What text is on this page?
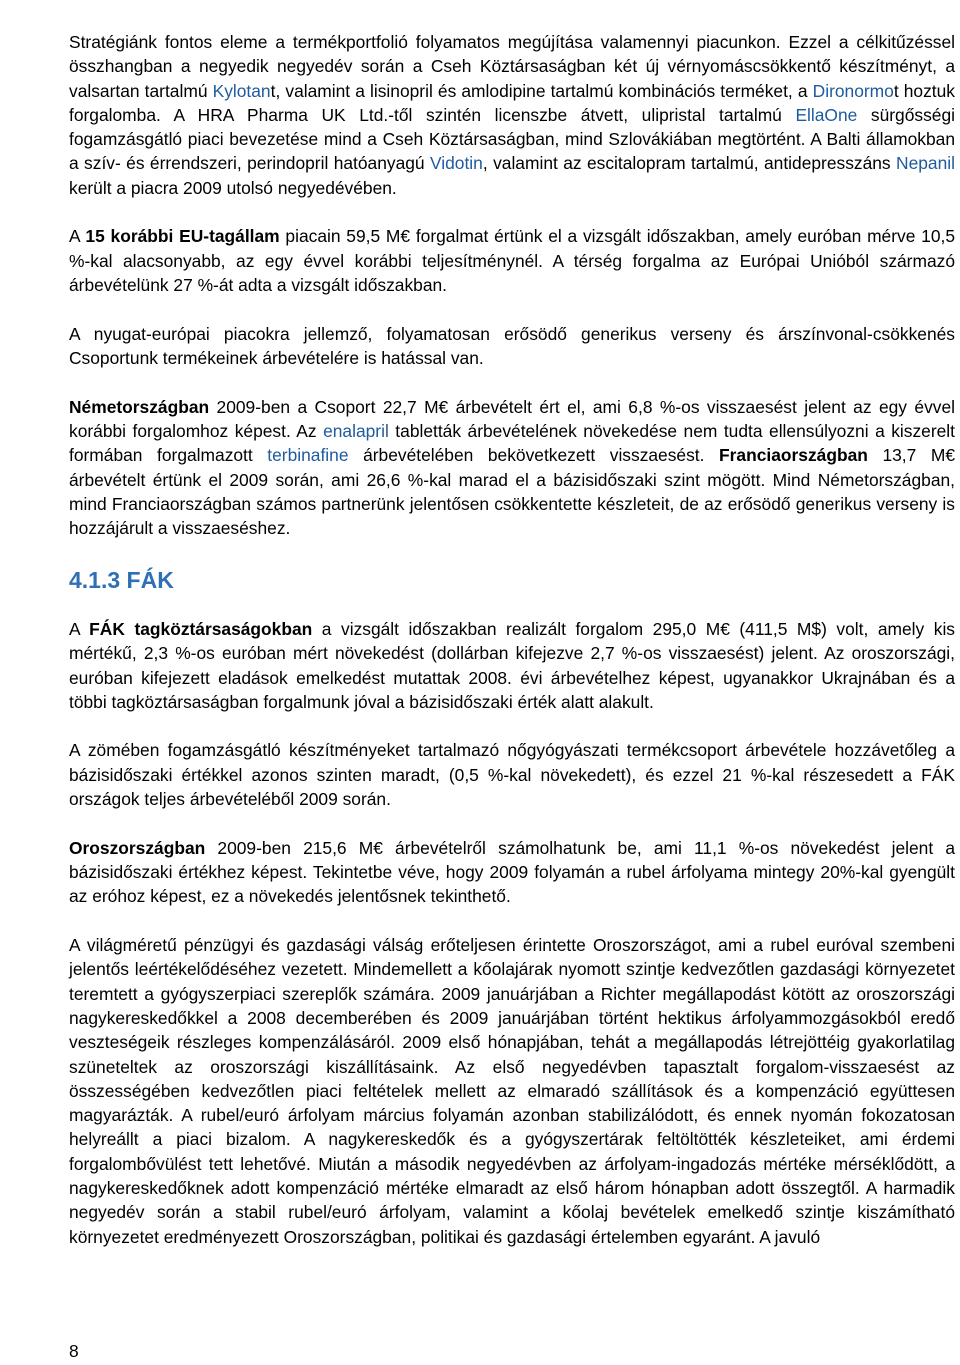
Stratégiánk fontos eleme a termékportfolió folyamatos megújítása valamennyi piacunkon. Ezzel a célkitűzéssel összhangban a negyedik negyedév során a Cseh Köztársaságban két új vérnyomáscsökkentő készítményt, a valsartan tartalmú Kylotant, valamint a lisinopril és amlodipine tartalmú kombinációs terméket, a Dironormot hoztuk forgalomba. A HRA Pharma UK Ltd.-től szintén licenszbe átvett, ulipristal tartalmú EllaOne sürgősségi fogamzásgátló piaci bevezetése mind a Cseh Köztársaságban, mind Szlovákiában megtörtént. A Balti államokban a szív- és érrendszeri, perindopril hatóanyagú Vidotin, valamint az escitalopram tartalmú, antidepresszáns Nepanil került a piacra 2009 utolsó negyedévében.

A 15 korábbi EU-tagállam piacain 59,5 M€ forgalmat értünk el a vizsgált időszakban, amely euróban mérve 10,5 %-kal alacsonyabb, az egy évvel korábbi teljesítménynél. A térség forgalma az Európai Unióból származó árbevételünk 27 %-át adta a vizsgált időszakban.

A nyugat-európai piacokra jellemző, folyamatosan erősödő generikus verseny és árszínvonal-csökkenés Csoportunk termékeinek árbevételére is hatással van.

Németországban 2009-ben a Csoport 22,7 M€ árbevételt ért el, ami 6,8 %-os visszaesést jelent az egy évvel korábbi forgalomhoz képest. Az enalapril tabletták árbevételének növekedése nem tudta ellensúlyozni a kiszerelt formában forgalmazott terbinafine árbevételében bekövetkezett visszaesést. Franciaországban 13,7 M€ árbevételt értünk el 2009 során, ami 26,6 %-kal marad el a bázisidőszaki szint mögött. Mind Németországban, mind Franciaországban számos partnerünk jelentősen csökkentette készleteit, de az erősödő generikus verseny is hozzájárult a visszaeséshez.

4.1.3 FÁK

A FÁK tagköztársaságokban a vizsgált időszakban realizált forgalom 295,0 M€ (411,5 M$) volt, amely kis mértékű, 2,3 %-os euróban mért növekedést (dollárban kifejezve 2,7 %-os visszaesést) jelent. Az oroszországi, euróban kifejezett eladások emelkedést mutattak 2008. évi árbevételhez képest, ugyanakkor Ukrajnában és a többi tagköztársaságban forgalmunk jóval a bázisidőszaki érték alatt alakult.

A zömében fogamzásgátló készítményeket tartalmazó nőgyógyászati termékcsoport árbevétele hozzávetőleg a bázisidőszaki értékkel azonos szinten maradt, (0,5 %-kal növekedett), és ezzel 21 %-kal részesedett a FÁK országok teljes árbevételéből 2009 során.

Oroszországban 2009-ben 215,6 M€ árbevételről számolhatunk be, ami 11,1 %-os növekedést jelent a bázisidőszaki értékhez képest. Tekintetbe véve, hogy 2009 folyamán a rubel árfolyama mintegy 20%-kal gyengült az eróhoz képest, ez a növekedés jelentősnek tekinthető.

A világméretű pénzügyi és gazdasági válság erőteljesen érintette Oroszországot, ami a rubel euróval szembeni jelentős leértékelődéséhez vezetett. Mindemellett a kőolajárak nyomott szintje kedvezőtlen gazdasági környezetet teremtett a gyógyszerpiaci szereplők számára. 2009 januárjában a Richter megállapodást kötött az oroszországi nagykereskedőkkel a 2008 decemberében és 2009 januárjában történt hektikus árfolyammozgásokból eredő veszteségeik részleges kompenzálásáról. 2009 első hónapjában, tehát a megállapodás létrejöttéig gyakorlatilag szüneteltek az oroszországi kiszállításaink. Az első negyedévben tapasztalt forgalom-visszaesést az összességében kedvezőtlen piaci feltételek mellett az elmaradó szállítások és a kompenzáció együttesen magyarázták. A rubel/euró árfolyam március folyamán azonban stabilizálódott, és ennek nyomán fokozatosan helyreállt a piaci bizalom. A nagykereskedők és a gyógyszertárak feltöltötték készleteiket, ami érdemi forgalombővülést tett lehetővé. Miután a második negyedévben az árfolyam-ingadozás mértéke mérséklődött, a nagykereskedőknek adott kompenzáció mértéke elmaradt az első három hónapban adott összegtől. A harmadik negyedév során a stabil rubel/euró árfolyam, valamint a kőolaj bevételek emelkedő szintje kiszámítható környezetet eredményezett Oroszországban, politikai és gazdasági értelemben egyaránt. A javuló

8
